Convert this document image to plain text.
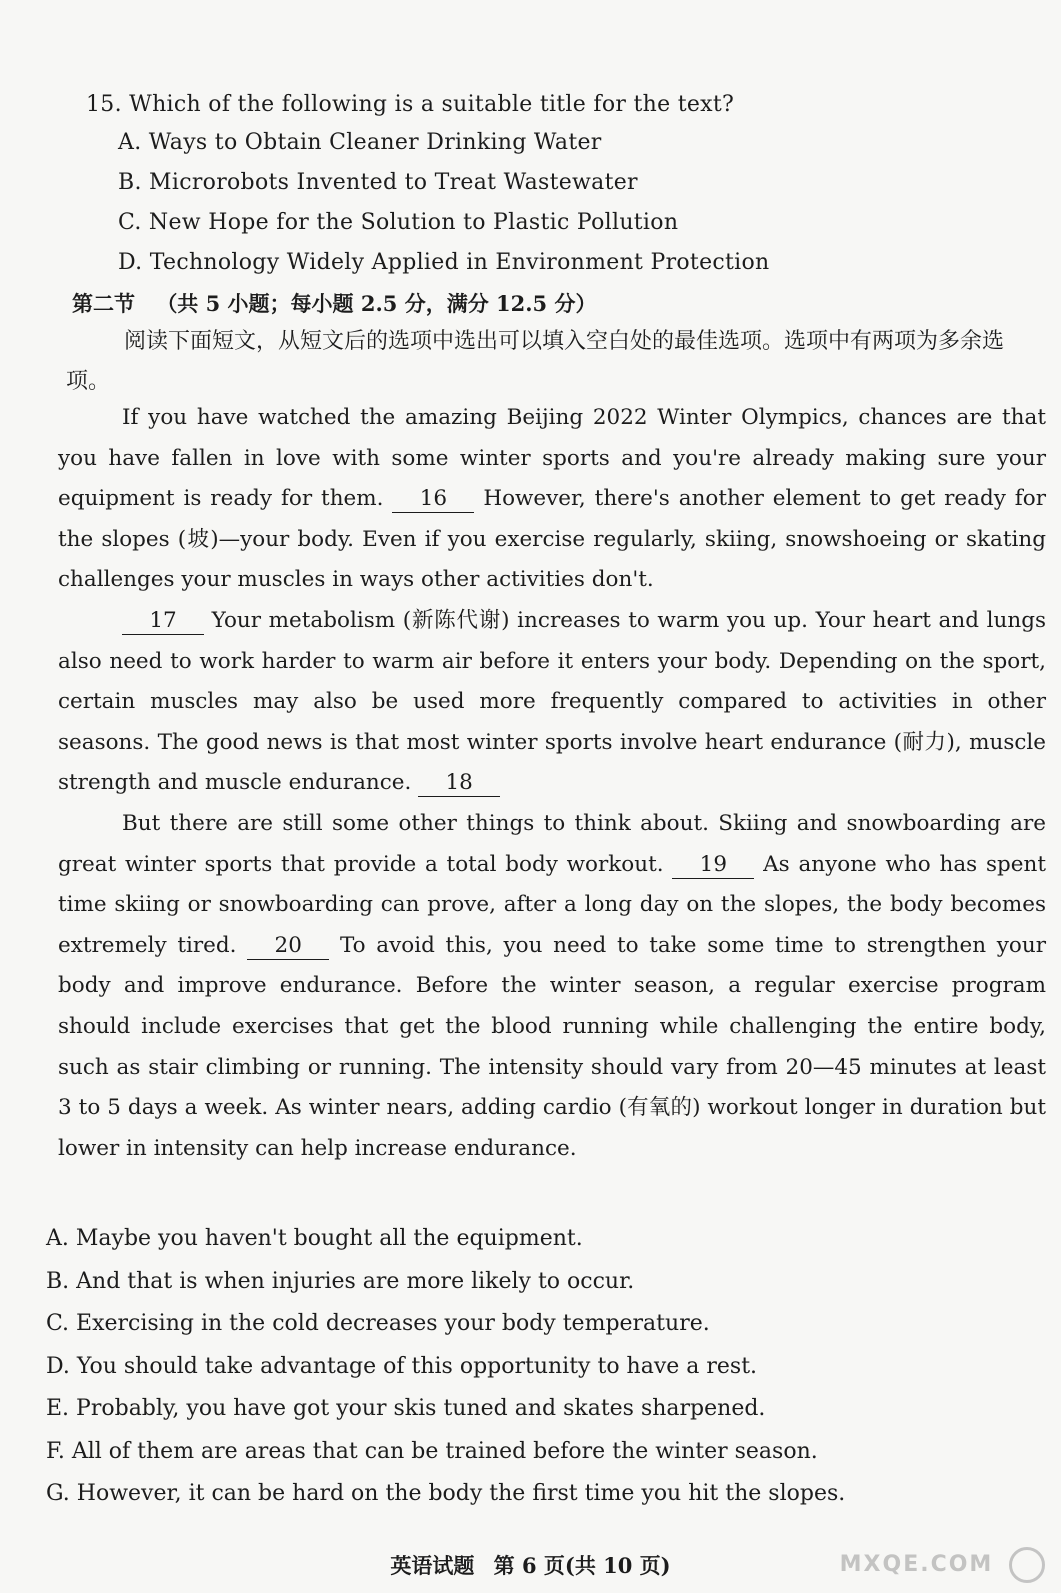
15. Which of the following is a suitable title for the text?
A. Ways to Obtain Cleaner Drinking Water
B. Microrobots Invented to Treat Wastewater
C. New Hope for the Solution to Plastic Pollution
D. Technology Widely Applied in Environment Protection
第二节 （共 5 小题；每小题 2.5 分，满分 12.5 分）
阅读下面短文，从短文后的选项中选出可以填入空白处的最佳选项。选项中有两项为多余选项。

If you have watched the amazing Beijing 2022 Winter Olympics, chances are that you have fallen in love with some winter sports and you're already making sure your equipment is ready for them. 16 However, there's another element to get ready for the slopes (坡)—your body. Even if you exercise regularly, skiing, snowshoeing or skating challenges your muscles in ways other activities don't.

17 Your metabolism (新陈代谢) increases to warm you up. Your heart and lungs also need to work harder to warm air before it enters your body. Depending on the sport, certain muscles may also be used more frequently compared to activities in other seasons. The good news is that most winter sports involve heart endurance (耐力), muscle strength and muscle endurance. 18

But there are still some other things to think about. Skiing and snowboarding are great winter sports that provide a total body workout. 19 As anyone who has spent time skiing or snowboarding can prove, after a long day on the slopes, the body becomes extremely tired. 20 To avoid this, you need to take some time to strengthen your body and improve endurance. Before the winter season, a regular exercise program should include exercises that get the blood running while challenging the entire body, such as stair climbing or running. The intensity should vary from 20—45 minutes at least 3 to 5 days a week. As winter nears, adding cardio (有氧的) workout longer in duration but lower in intensity can help increase endurance.

A. Maybe you haven't bought all the equipment.
B. And that is when injuries are more likely to occur.
C. Exercising in the cold decreases your body temperature.
D. You should take advantage of this opportunity to have a rest.
E. Probably, you have got your skis tuned and skates sharpened.
F. All of them are areas that can be trained before the winter season.
G. However, it can be hard on the body the first time you hit the slopes.
英语试题 第 6 页(共 10 页)	MXQE.COM
